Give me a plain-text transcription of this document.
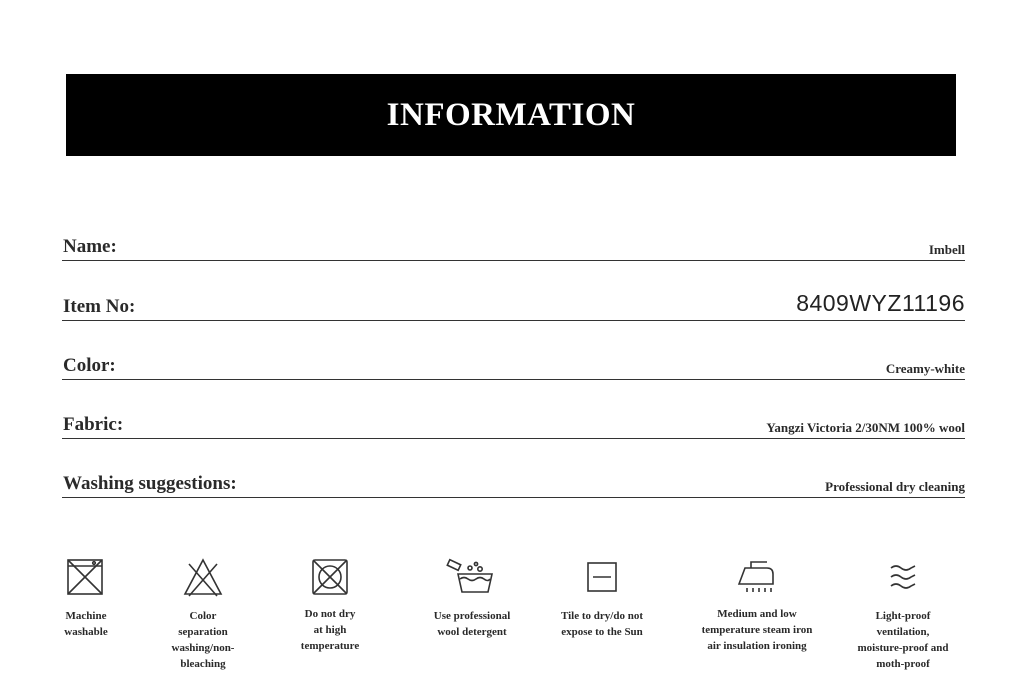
INFORMATION
Name:	Imbell
Item No:	8409WYZ11196
Color:	Creamy-white
Fabric:	Yangzi Victoria 2/30NM 100% wool
Washing suggestions:	Professional dry cleaning
Machine
washable
Color
separation
washing/non-
bleaching
Do not dry
at high
temperature
Use professional
wool detergent
Tile to dry/do not
expose to the Sun
Medium and low
temperature steam iron
air insulation ironing
Light-proof
ventilation,
moisture-proof and
moth-proof
